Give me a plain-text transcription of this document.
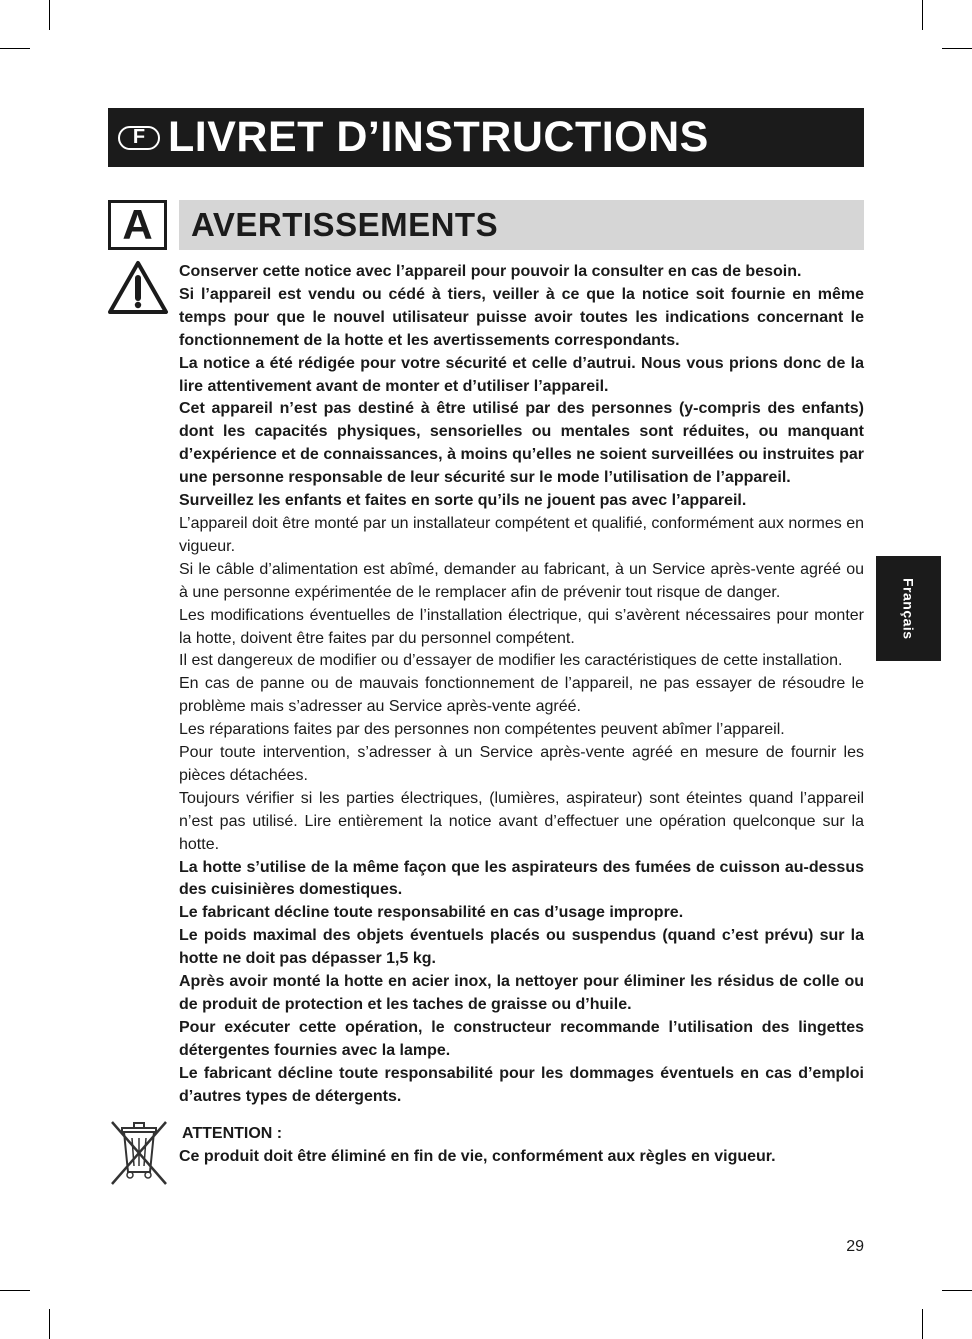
F LIVRET D’INSTRUCTIONS
A	AVERTISSEMENTS

Conserver cette notice avec l’appareil pour pouvoir la consulter en cas de besoin.

Si l’appareil est vendu ou cédé à tiers, veiller à ce que la notice soit fournie en même temps pour que le nouvel utilisateur puisse avoir toutes les indications concernant le fonctionnement de la hotte et les avertissements correspondants.

La notice a été rédigée pour votre sécurité et celle d’autrui. Nous vous prions donc de la lire attentivement avant de monter et d’utiliser l’appareil.

Cet appareil n’est pas destiné à être utilisé par des personnes (y-compris des enfants) dont les capacités physiques, sensorielles ou mentales sont réduites, ou manquant d’expérience et de connaissances, à moins qu’elles ne soient surveillées ou instruites par une personne responsable de leur sécurité sur le mode l’utilisation de l’appareil.

Surveillez les enfants et faites en sorte qu’ils ne jouent pas avec l’appareil.

L’appareil doit être monté par un installateur compétent et qualifié, conformément aux normes en vigueur.

Si le câble d’alimentation est abîmé, demander au fabricant, à un Service après-vente agréé ou à une personne expérimentée de le remplacer afin de prévenir tout risque de danger.

Les modifications éventuelles de l’installation électrique, qui s’avèrent nécessaires pour monter la hotte, doivent être faites par du personnel compétent.

Il est dangereux de modifier ou d’essayer de modifier les caractéristiques de cette installation.

En cas de panne ou de mauvais fonctionnement de l’appareil, ne pas essayer de résoudre le problème mais s’adresser au Service après-vente agréé.

Les réparations faites par des personnes non compétentes peuvent abîmer l’appareil.

Pour toute intervention, s’adresser à un Service après-vente agréé en mesure de fournir les pièces détachées.

Toujours vérifier si les parties électriques, (lumières, aspirateur) sont éteintes quand l’appareil n’est pas utilisé. Lire entièrement la notice avant d’effectuer une opération quelconque sur la hotte.

La hotte s’utilise de la même façon que les aspirateurs des fumées de cuisson au-dessus des cuisinières domestiques.

Le fabricant décline toute responsabilité en cas d’usage impropre.

Le poids maximal des objets éventuels placés ou suspendus (quand c’est prévu) sur la hotte ne doit pas dépasser 1,5 kg.

Après avoir monté la hotte en acier inox, la nettoyer pour éliminer les résidus de colle ou de produit de protection et les taches de graisse ou d’huile.

Pour exécuter cette opération, le constructeur recommande l’utilisation des lingettes détergentes fournies avec la lampe.

Le fabricant décline toute responsabilité pour les dommages éventuels en cas d’emploi d’autres types de détergents.

ATTENTION :
Ce produit doit être éliminé en fin de vie, conformément aux règles en vigueur.
Français
29
